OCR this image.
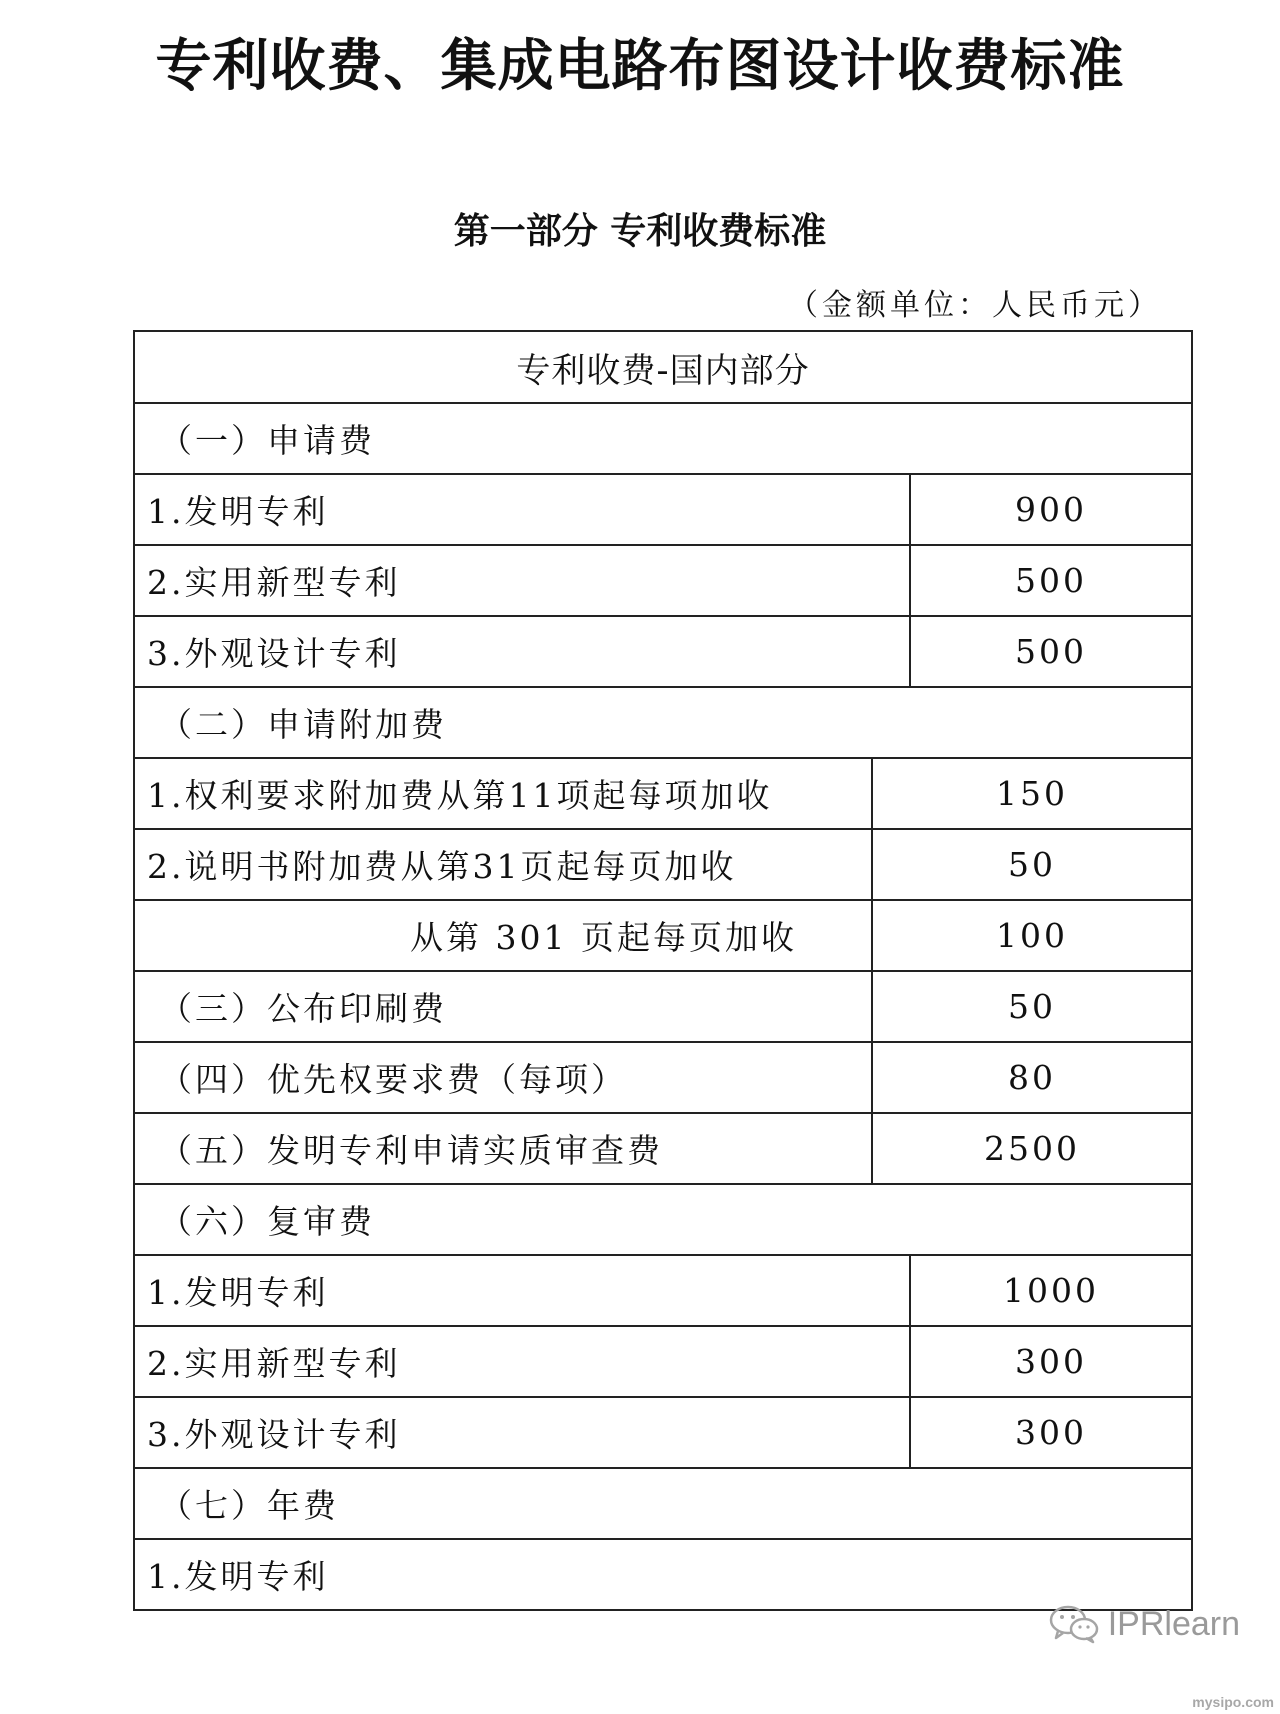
专利收费、集成电路布图设计收费标准
第一部分 专利收费标准
（金额单位：人民币元）
专利收费-国内部分
（一）申请费
1.发明专利	900
2.实用新型专利	500
3.外观设计专利	500
（二）申请附加费
1.权利要求附加费从第11项起每项加收	150
2.说明书附加费从第31页起每页加收	50
从第 301 页起每页加收	100
（三）公布印刷费	50
（四）优先权要求费（每项）	80
（五）发明专利申请实质审查费	2500
（六）复审费
1.发明专利	1000
2.实用新型专利	300
3.外观设计专利	300
（七）年费
1.发明专利
IPRlearn
mysipo.com
